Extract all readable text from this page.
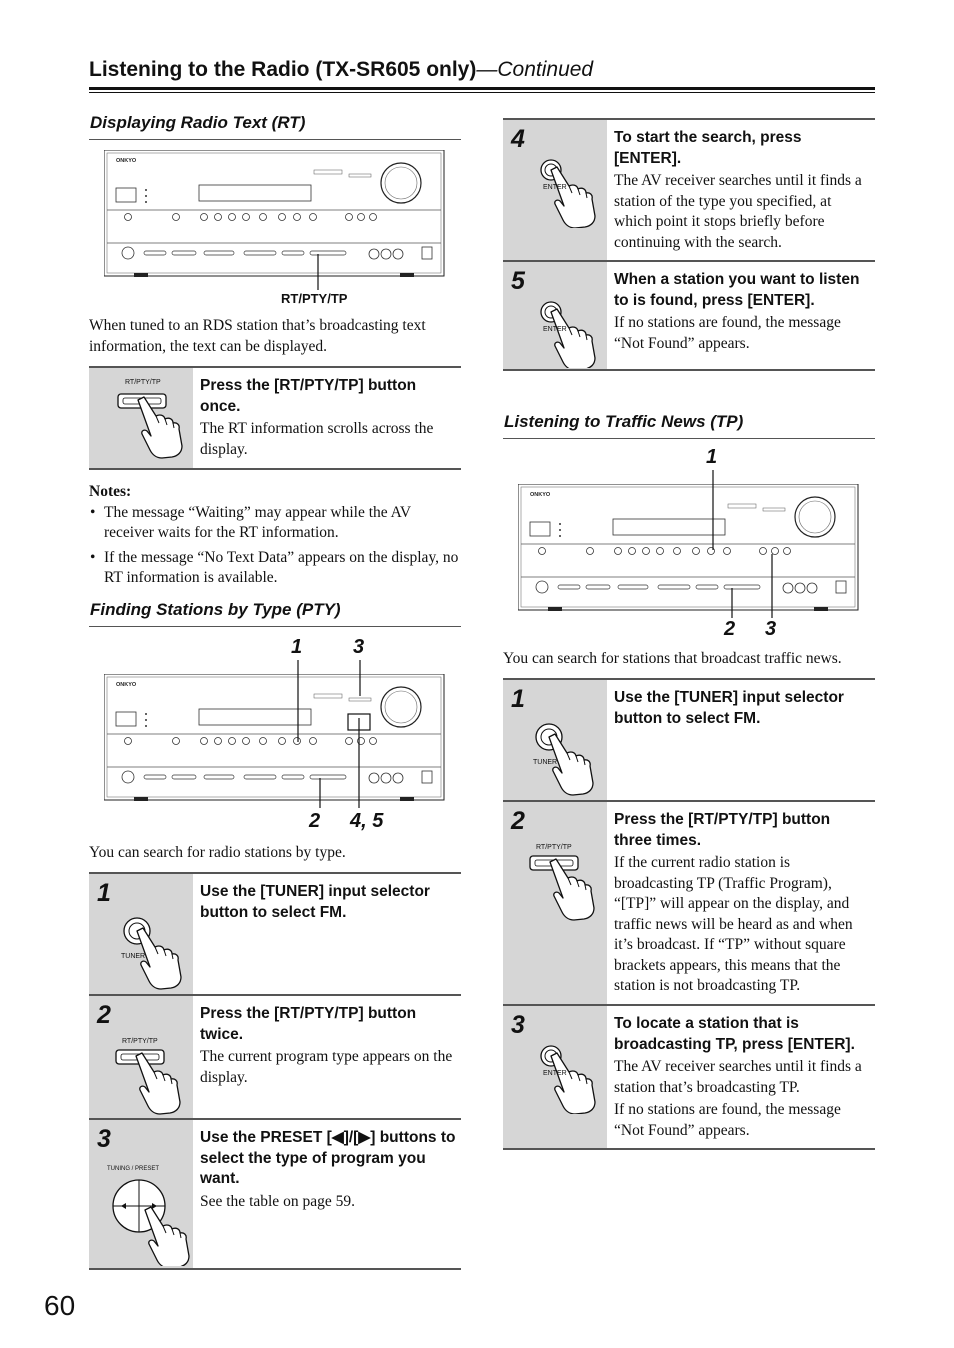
Listening to the Radio (TX-SR605 only)—Continued
Displaying Radio Text (RT)
RT/PTY/TP
When tuned to an RDS station that’s broadcasting text information, the text can be displayed.
RT/PTY/TP	Press the [RT/PTY/TP] button once.
The RT information scrolls across the display.
Notes:
• The message “Waiting” may appear while the AV receiver waits for the RT information.
• If the message “No Text Data” appears on the display, no RT information is available.
Finding Stations by Type (PTY)
1	3
2 4, 5
You can search for radio stations by type.
1
TUNER
Use the [TUNER] input selector button to select FM.
2
RT/PTY/TP
Press the [RT/PTY/TP] button twice.
The current program type appears on the display.
3
TUNING / PRESET
Use the PRESET [◀]/[▶] buttons to select the type of program you want.
See the table on page 59.
4
ENTER
To start the search, press [ENTER].
The AV receiver searches until it finds a station of the type you specified, at which point it stops briefly before continuing with the search.
5
ENTER
When a station you want to listen to is found, press [ENTER].
If no stations are found, the message “Not Found” appears.
Listening to Traffic News (TP)
1
2 3
You can search for stations that broadcast traffic news.
1
TUNER
Use the [TUNER] input selector button to select FM.
2
RT/PTY/TP
Press the [RT/PTY/TP] button three times.
If the current radio station is broadcasting TP (Traffic Program), “[TP]” will appear on the display, and traffic news will be heard as and when it’s broadcast. If “TP” without square brackets appears, this means that the station is not broadcasting TP.
3
ENTER
To locate a station that is broadcasting TP, press [ENTER].
The AV receiver searches until it finds a station that’s broadcasting TP.
If no stations are found, the message “Not Found” appears.
60
